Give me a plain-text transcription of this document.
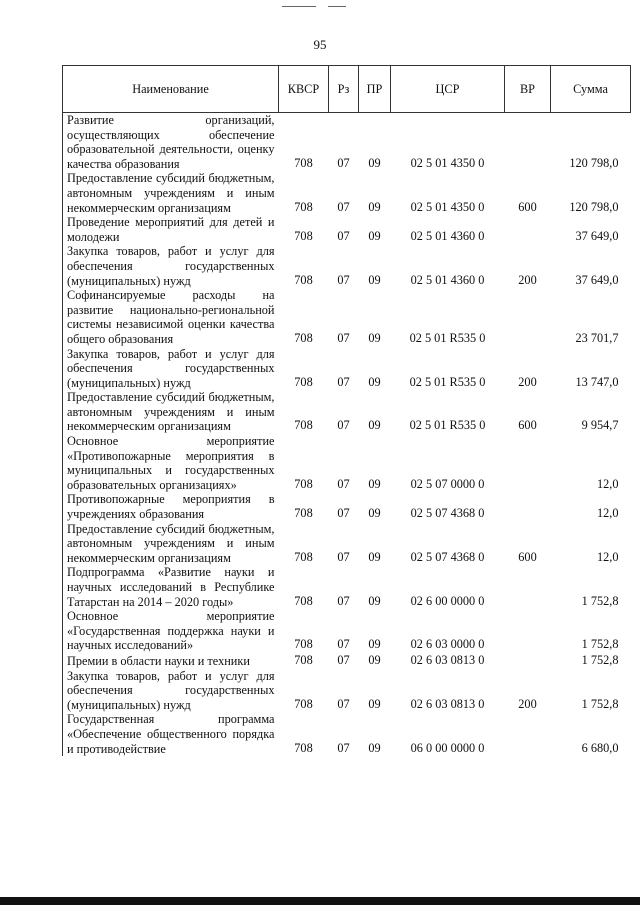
95
Наименование	КВСР	Рз	ПР	ЦСР	ВР	Сумма
Развитие организаций, осуществляющих обеспечение образовательной деятельности, оценку качества образования	708	07	09	02 5 01 4350 0		120 798,0
Предоставление субсидий бюджетным, автономным учреждениям и иным некоммерческим организациям	708	07	09	02 5 01 4350 0	600	120 798,0
Проведение мероприятий для детей и молодежи	708	07	09	02 5 01 4360 0		37 649,0
Закупка товаров, работ и услуг для обеспечения государственных (муниципальных) нужд	708	07	09	02 5 01 4360 0	200	37 649,0
Софинансируемые расходы на развитие национально-региональной системы независимой оценки качества общего образования	708	07	09	02 5 01 R535 0		23 701,7
Закупка товаров, работ и услуг для обеспечения государственных (муниципальных) нужд	708	07	09	02 5 01 R535 0	200	13 747,0
Предоставление субсидий бюджетным, автономным учреждениям и иным некоммерческим организациям	708	07	09	02 5 01 R535 0	600	9 954,7
Основное мероприятие «Противопожарные мероприятия в муниципальных и государственных образовательных организациях»	708	07	09	02 5 07 0000 0		12,0
Противопожарные мероприятия в учреждениях образования	708	07	09	02 5 07 4368 0		12,0
Предоставление субсидий бюджетным, автономным учреждениям и иным некоммерческим организациям	708	07	09	02 5 07 4368 0	600	12,0
Подпрограмма «Развитие науки и научных исследований в Республике Татарстан на 2014 – 2020 годы»	708	07	09	02 6 00 0000 0		1 752,8
Основное мероприятие «Государственная поддержка науки и научных исследований»	708	07	09	02 6 03 0000 0		1 752,8
Премии в области науки и техники	708	07	09	02 6 03 0813 0		1 752,8
Закупка товаров, работ и услуг для обеспечения государственных (муниципальных) нужд	708	07	09	02 6 03 0813 0	200	1 752,8
Государственная программа «Обеспечение общественного порядка и противодействие	708	07	09	06 0 00 0000 0		6 680,0
